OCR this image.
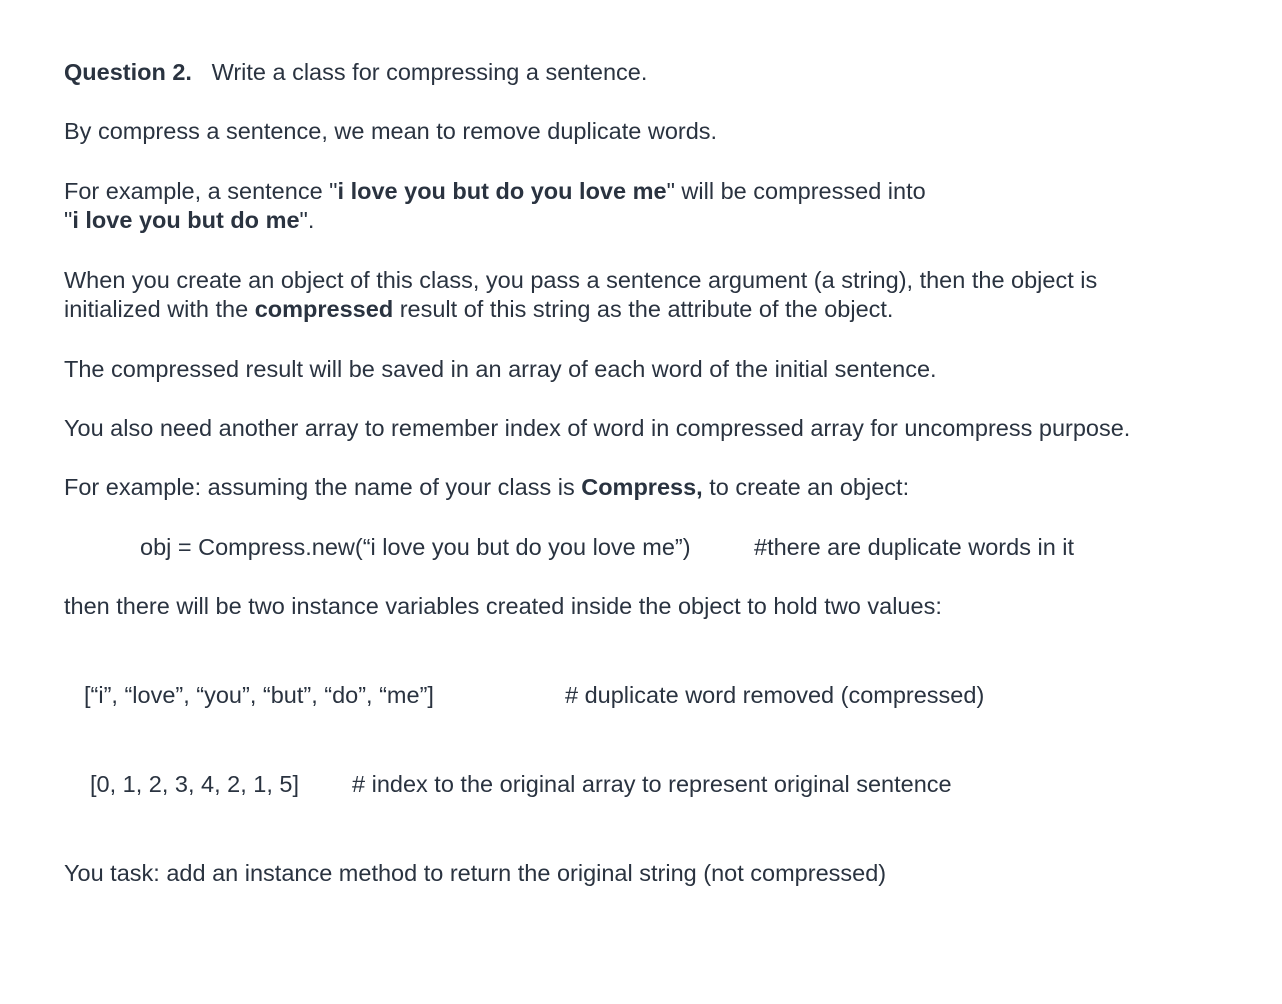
Question 2. Write a class for compressing a sentence.
By compress a sentence, we mean to remove duplicate words.
For example, a sentence "i love you but do you love me" will be compressed into
"i love you but do me".
When you create an object of this class, you pass a sentence argument (a string), then the object is
initialized with the compressed result of this string as the attribute of the object.
The compressed result will be saved in an array of each word of the initial sentence.
You also need another array to remember index of word in compressed array for uncompress purpose.
For example: assuming the name of your class is Compress, to create an object:
obj = Compress.new(“i love you but do you love me”)	#there are duplicate words in it
then there will be two instance variables created inside the object to hold two values:
[“i”, “love”, “you”, “but”, “do”, “me”]	# duplicate word removed (compressed)
[0, 1, 2, 3, 4, 2, 1, 5] # index to the original array to represent original sentence
You task: add an instance method to return the original string (not compressed)
